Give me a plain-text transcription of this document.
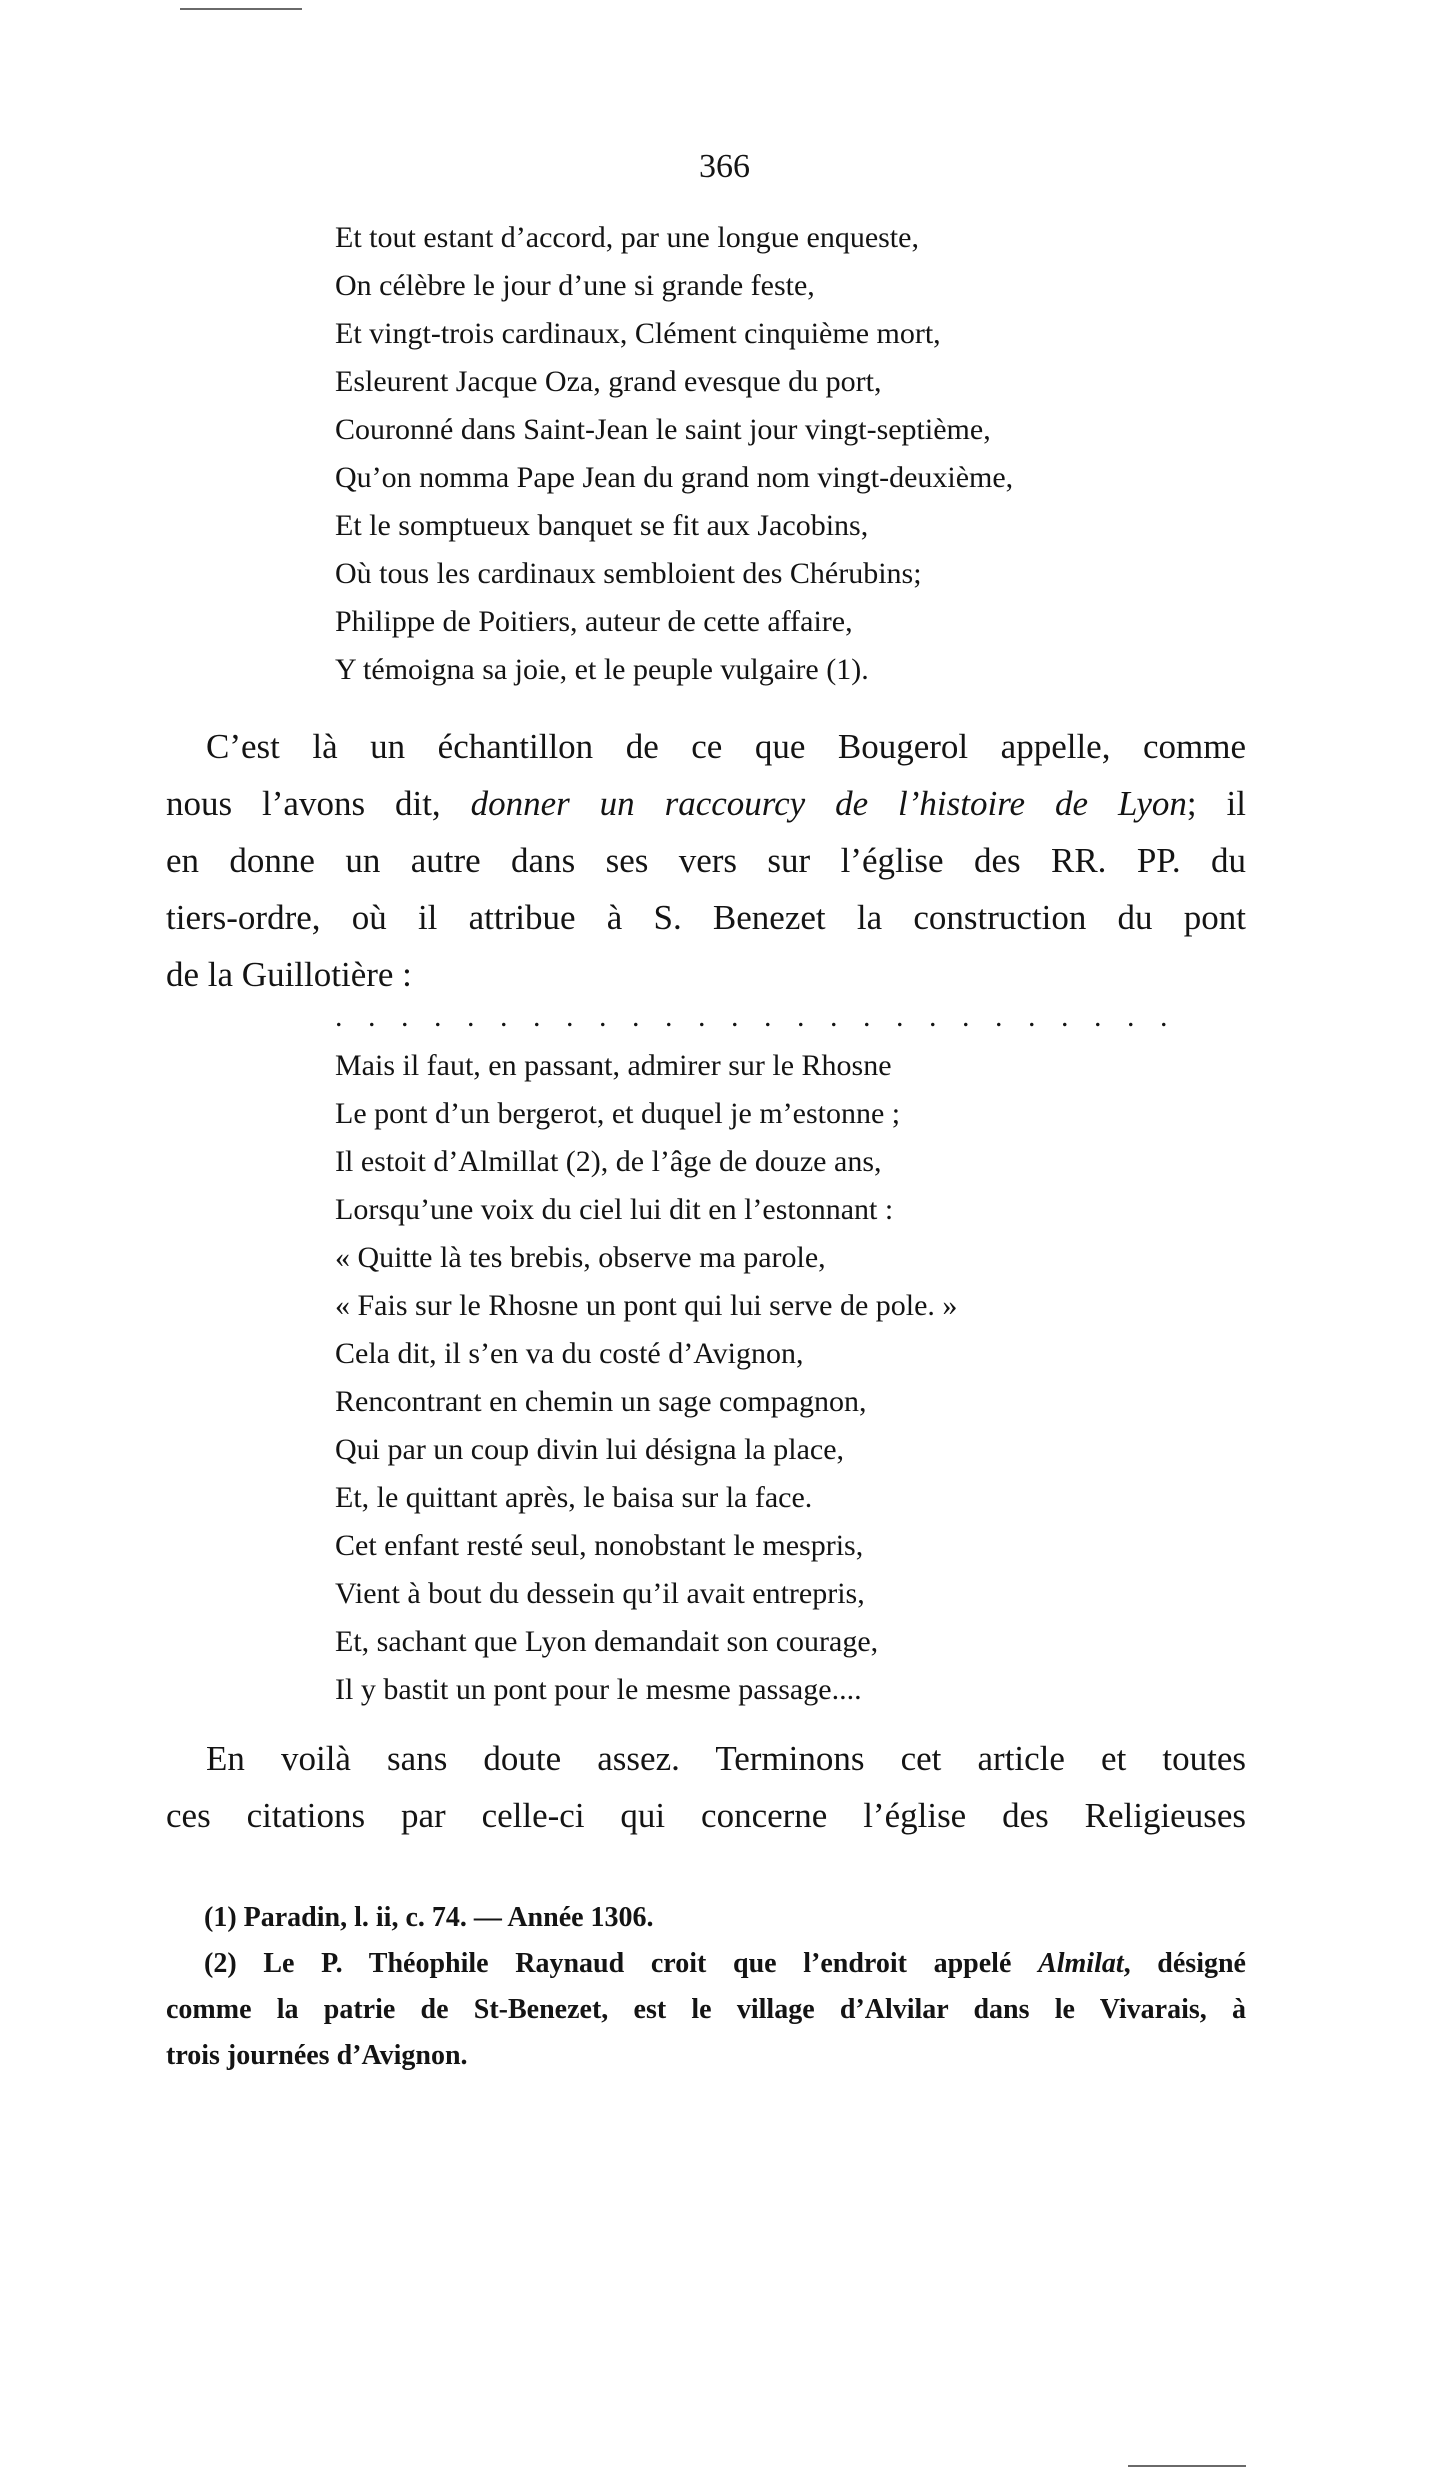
366
Et tout estant d’accord, par une longue enqueste,
On célèbre le jour d’une si grande feste,
Et vingt-trois cardinaux, Clément cinquième mort,
Esleurent Jacque Oza, grand evesque du port,
Couronné dans Saint-Jean le saint jour vingt-septième,
Qu’on nomma Pape Jean du grand nom vingt-deuxième,
Et le somptueux banquet se fit aux Jacobins,
Où tous les cardinaux sembloient des Chérubins;
Philippe de Poitiers, auteur de cette affaire,
Y témoigna sa joie, et le peuple vulgaire (1).
C’est là un échantillon de ce que Bougerol appelle, comme
nous l’avons dit, donner un raccourcy de l’histoire de Lyon; il
en donne un autre dans ses vers sur l’église des RR. PP. du
tiers-ordre, où il attribue à S. Benezet la construction du pont
de la Guillotière :
. . . . . . . . . . . . . . . . . . . . . . . . . .
Mais il faut, en passant, admirer sur le Rhosne
Le pont d’un bergerot, et duquel je m’estonne ;
Il estoit d’Almillat (2), de l’âge de douze ans,
Lorsqu’une voix du ciel lui dit en l’estonnant :
« Quitte là tes brebis, observe ma parole,
« Fais sur le Rhosne un pont qui lui serve de pole. »
Cela dit, il s’en va du costé d’Avignon,
Rencontrant en chemin un sage compagnon,
Qui par un coup divin lui désigna la place,
Et, le quittant après, le baisa sur la face.
Cet enfant resté seul, nonobstant le mespris,
Vient à bout du dessein qu’il avait entrepris,
Et, sachant que Lyon demandait son courage,
Il y bastit un pont pour le mesme passage....
En voilà sans doute assez. Terminons cet article et toutes
ces citations par celle-ci qui concerne l’église des Religieuses
(1) Paradin, l. ii, c. 74. — Année 1306.
(2) Le P. Théophile Raynaud croit que l’endroit appelé Almilat, désigné
comme la patrie de St-Benezet, est le village d’Alvilar dans le Vivarais, à
trois journées d’Avignon.
